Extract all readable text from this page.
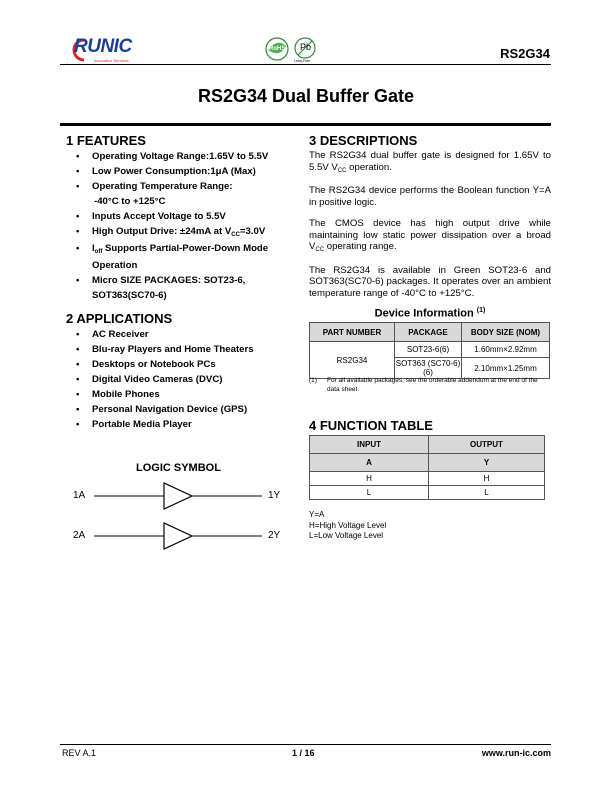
RUNIC
Innovative Services
RoHS Pb
Lead-Free	RS2G34
RS2G34 Dual Buffer Gate
1 FEATURES
• Operating Voltage Range:1.65V to 5.5V
• Low Power Consumption:1μA (Max)
• Operating Temperature Range:
-40°C to +125°C
• Inputs Accept Voltage to 5.5V
• High Output Drive: ±24mA at $V_{CC}=3.0V$
• $I_{off}$ Supports Partial-Power-Down Mode
Operation
• Micro SIZE PACKAGES: SOT23-6,
SOT363(SC70-6)
2 APPLICATIONS
• AC Receiver
• Blu-ray Players and Home Theaters
• Desktops or Notebook PCs
• Digital Video Cameras (DVC)
• Mobile Phones
• Personal Navigation Device (GPS)
• Portable Media Player
LOGIC SYMBOL
1A	1Y
2A	2Y
3 DESCRIPTIONS

The RS2G34 dual buffer gate is designed for 1.65V to 5.5V $V_{CC}$ operation.

The RS2G34 device performs the Boolean function Y=A in positive logic.

The CMOS device has high output drive while maintaining low static power dissipation over a broad $V_{CC}$ operating range.

The RS2G34 is available in Green SOT23-6 and SOT363(SC70-6) packages. It operates over an ambient temperature range of -40°C to +125°C.

Device Information $^{(1)}$
PART NUMBER	PACKAGE	BODY SIZE (NOM)
RS2G34	SOT23-6(6)	1.60mm×2.92mm
	SOT363 (SC70-6)(6)	2.10mm×1.25mm
(1) For all available packages, see the orderable addendum at the end of the data sheet.
4 FUNCTION TABLE
INPUT	OUTPUT
A	Y
H	H
L	L
Y=A
H=High Voltage Level
L=Low Voltage Level
REV A.1	1 / 16	www.run-ic.com
